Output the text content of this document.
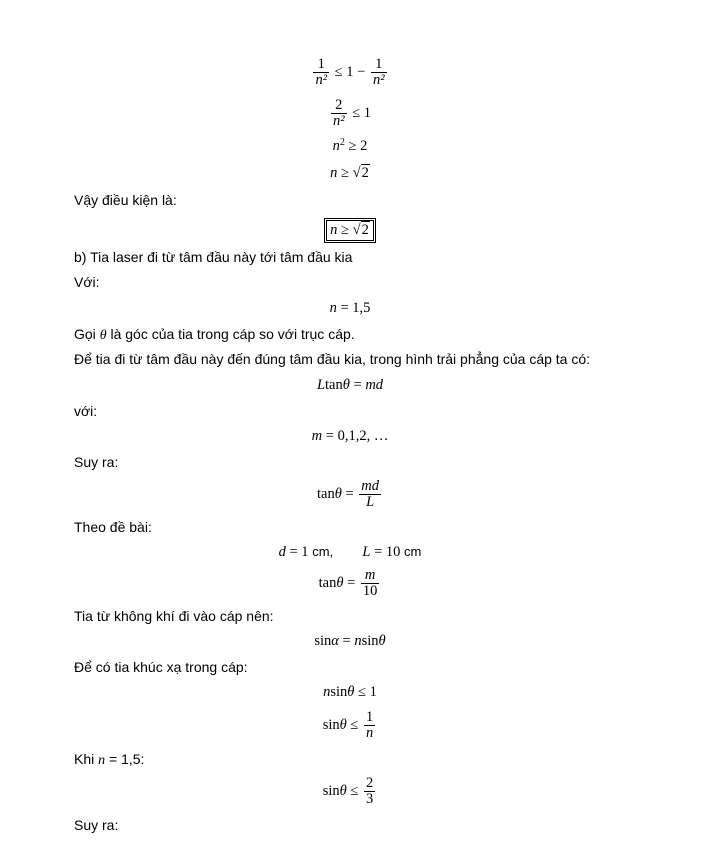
$\frac{1}{\text{n²}} \le 1 - \frac{1}{\text{n²}}$
$\frac{2}{\text{n²}} \le 1$
$n^2 \ge 2$
n ≥ √2
Vậy điều kiện là:
n ≥ √2
b) Tia laser đi từ tâm đầu này tới tâm đầu kia
Với:
n = 1,5
Gọi θ là góc của tia trong cáp so với trục cáp.
Để tia đi từ tâm đầu này đến đúng tâm đầu kia, trong hình trải phẳng của cáp ta có:
Ltanθ = md
với:
m = 0,1,2, …
Suy ra:
$\tan\theta = \frac{md}{L}$
Theo đề bài:
d = 1 cm, L = 10 cm
$\tan\theta = \frac{m}{10}$
Tia từ không khí đi vào cáp nên:
sinα = nsinθ
Để có tia khúc xạ trong cáp:
nsinθ ≤ 1
$\sin\theta \le \frac{1}{n}$
Khi n = 1,5:
$\sin\theta \le \frac{2}{3}$
Suy ra:
